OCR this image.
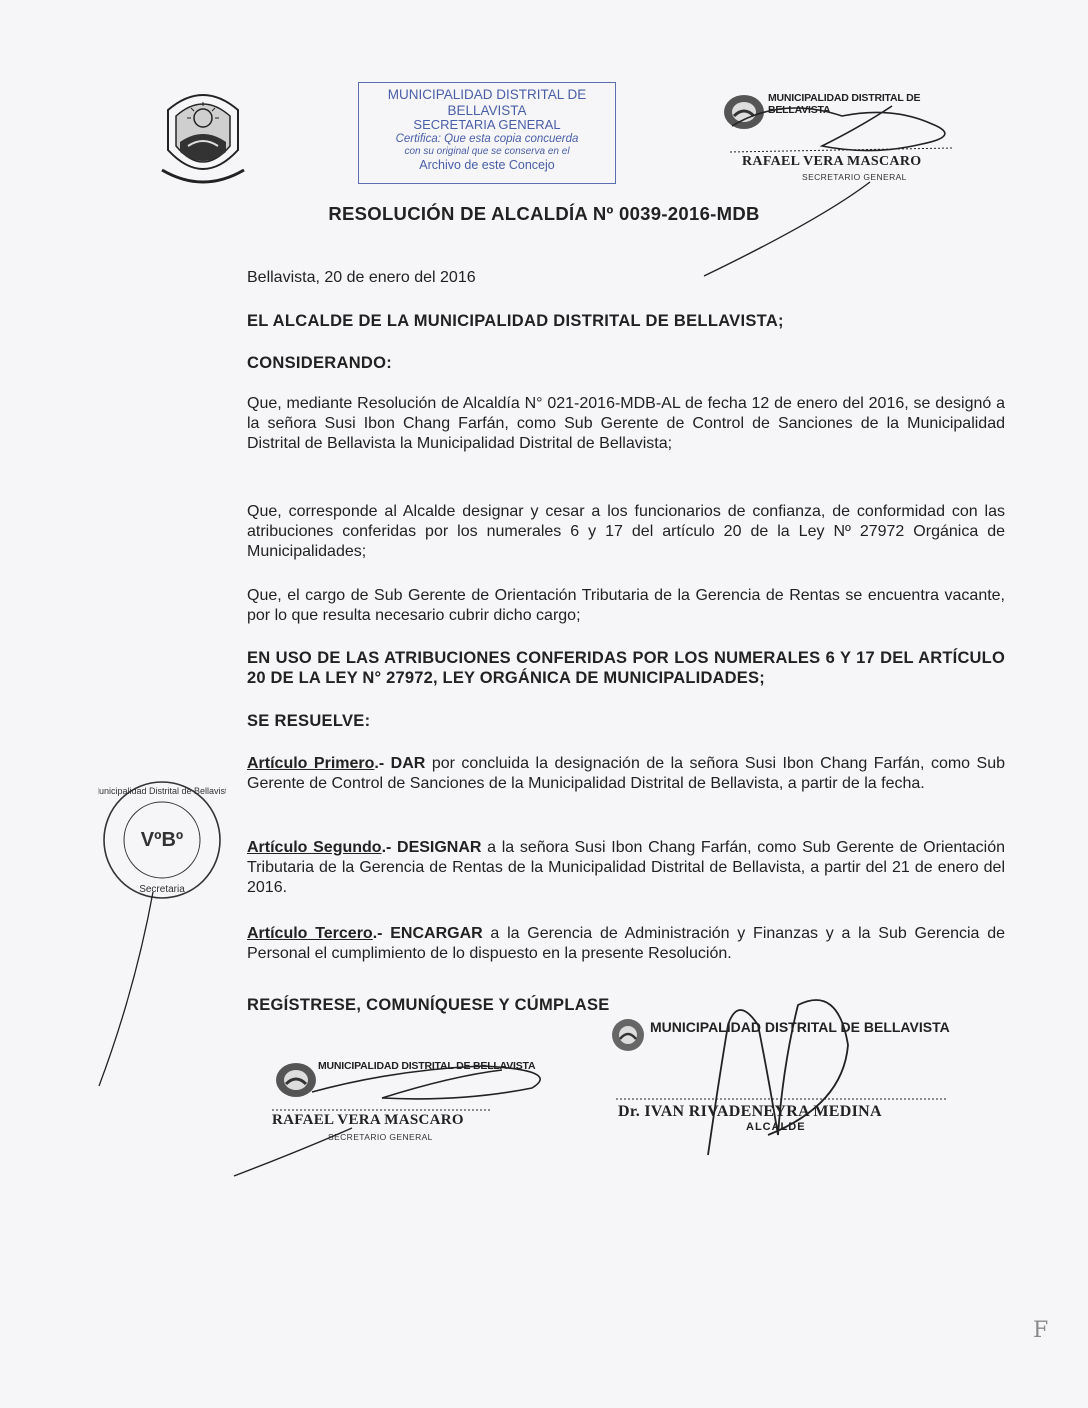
MUNICIPALIDAD DISTRITAL DE BELLAVISTA
SECRETARIA GENERAL
Certifica: Que esta copia concuerda
con su original que se conserva en el
Archivo de este Concejo
MUNICIPALIDAD DISTRITAL DE BELLAVISTA
RAFAEL VERA MASCARO
SECRETARIO GENERAL
RESOLUCIÓN DE ALCALDÍA Nº 0039-2016-MDB
Bellavista, 20 de enero del 2016
EL ALCALDE DE LA MUNICIPALIDAD DISTRITAL DE BELLAVISTA;
CONSIDERANDO:
Que, mediante Resolución de Alcaldía N° 021-2016-MDB-AL de fecha 12 de enero del 2016, se designó a la señora Susi Ibon Chang Farfán, como Sub Gerente de Control de Sanciones de la Municipalidad Distrital de Bellavista la Municipalidad Distrital de Bellavista;
Que, corresponde al Alcalde designar y cesar a los funcionarios de confianza, de conformidad con las atribuciones conferidas por los numerales 6 y 17 del artículo 20 de la Ley Nº 27972 Orgánica de Municipalidades;
Que, el cargo de Sub Gerente de Orientación Tributaria de la Gerencia de Rentas se encuentra vacante, por lo que resulta necesario cubrir dicho cargo;
EN USO DE LAS ATRIBUCIONES CONFERIDAS POR LOS NUMERALES 6 Y 17 DEL ARTÍCULO 20 DE LA LEY N° 27972, LEY ORGÁNICA DE MUNICIPALIDADES;
SE RESUELVE:
Artículo Primero.- DAR por concluida la designación de la señora Susi Ibon Chang Farfán, como Sub Gerente de Control de Sanciones de la Municipalidad Distrital de Bellavista, a partir de la fecha.
Artículo Segundo.- DESIGNAR a la señora Susi Ibon Chang Farfán, como Sub Gerente de Orientación Tributaria de la Gerencia de Rentas de la Municipalidad Distrital de Bellavista, a partir del 21 de enero del 2016.
Artículo Tercero.- ENCARGAR a la Gerencia de Administración y Finanzas y a la Sub Gerencia de Personal el cumplimiento de lo dispuesto en la presente Resolución.
REGÍSTRESE, COMUNÍQUESE Y CÚMPLASE
VºBº
Municipalidad Distrital de Bellavista
Secretaria
MUNICIPALIDAD DISTRITAL DE BELLAVISTA
RAFAEL VERA MASCARO
SECRETARIO GENERAL
MUNICIPALIDAD DISTRITAL DE BELLAVISTA
Dr. IVAN RIVADENEYRA MEDINA
ALCALDE
F
